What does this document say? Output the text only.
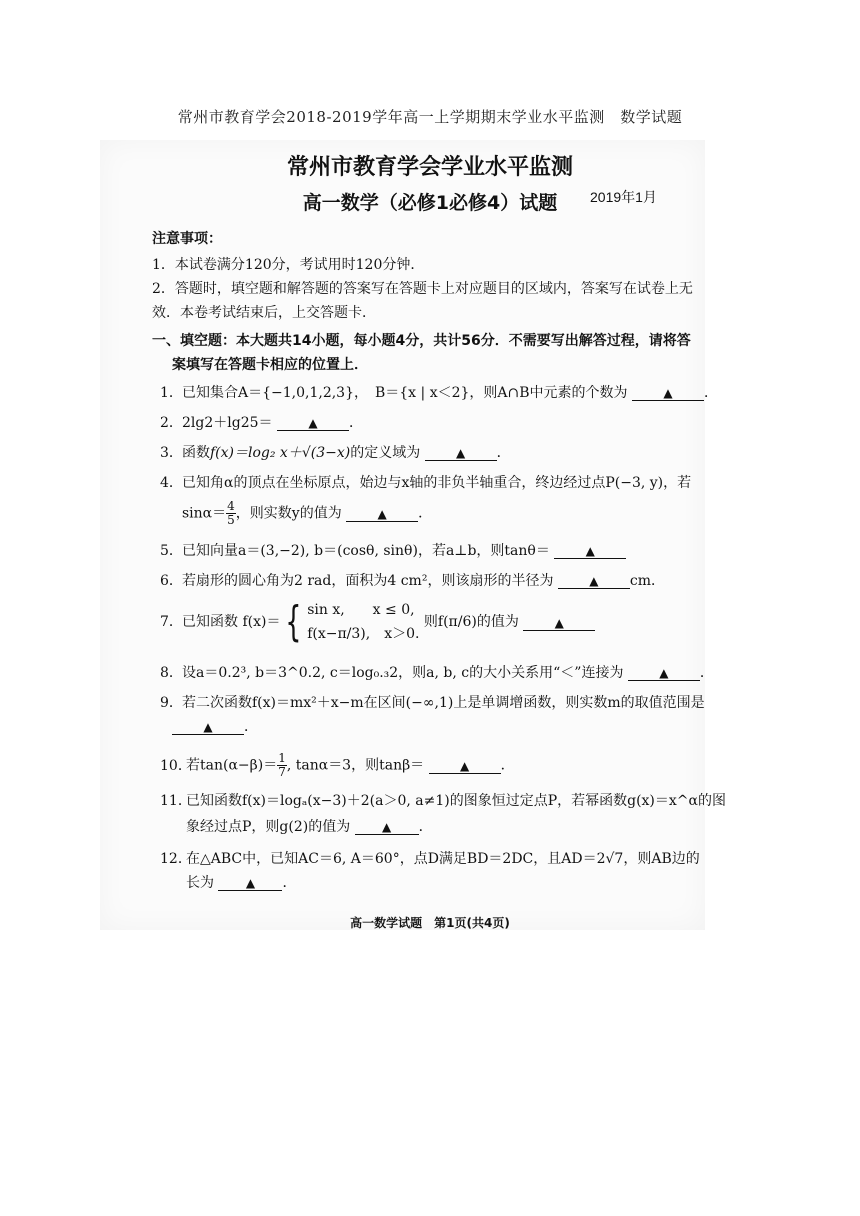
常州市教育学会2018-2019学年高一上学期期末学业水平监测　数学试题
常州市教育学会学业水平监测
高一数学（必修1必修4）试题	2019年1月
注意事项：
1．本试卷满分120分，考试用时120分钟．
2．答题时，填空题和解答题的答案写在答题卡上对应题目的区域内，答案写在试卷上无
效．本卷考试结束后，上交答题卡．
一、填空题：本大题共14小题，每小题4分，共计56分．不需要写出解答过程，请将答
案填写在答题卡相应的位置上．
1．已知集合A＝{−1,0,1,2,3}，　B＝{x | x＜2}，则A∩B中元素的个数为	▲ ．
2．2lg2＋lg25＝	▲ ．
3．函数f(x)＝log₂ x＋√(3−x)的定义域为	▲ ．
4．已知角α的顶点在坐标原点，始边与x轴的非负半轴重合，终边经过点P(−3, y)，若
$\sin\alpha= \frac{4}{5}$ ，则实数y的值为	▲ ．
5．已知向量a＝(3,−2), b＝(cosθ, sinθ)，若a⊥b，则tanθ＝	▲
6．若扇形的圆心角为2 rad，面积为4 cm²，则该扇形的半径为	▲ cm．
7．已知函数 f(x)＝ { sin x,　　x ≤ 0,
f(x−π/3),　x＞0.
则f(π/6)的值为	▲
8．设a＝0.2³, b＝3^0.2, c＝log₀.₃2，则a, b, c的大小关系用“＜”连接为	▲ ．
9．若二次函数f(x)＝mx²＋x−m在区间(−∞,1)上是单调增函数，则实数m的取值范围是
▲ ．
10．若$\tan(\alpha-\beta)= \frac{1}{7}$ , tanα＝3，则tanβ＝	▲ ．
11．已知函数f(x)＝logₐ(x−3)＋2(a＞0, a≠1)的图象恒过定点P，若幂函数g(x)＝x^α的图
象经过点P，则g(2)的值为	▲ ．
12．在△ABC中，已知AC＝6, A＝60°，点D满足BD＝2DC，且AD＝2√7，则AB边的
长为	▲ ．
高一数学试题　第1页(共4页)
